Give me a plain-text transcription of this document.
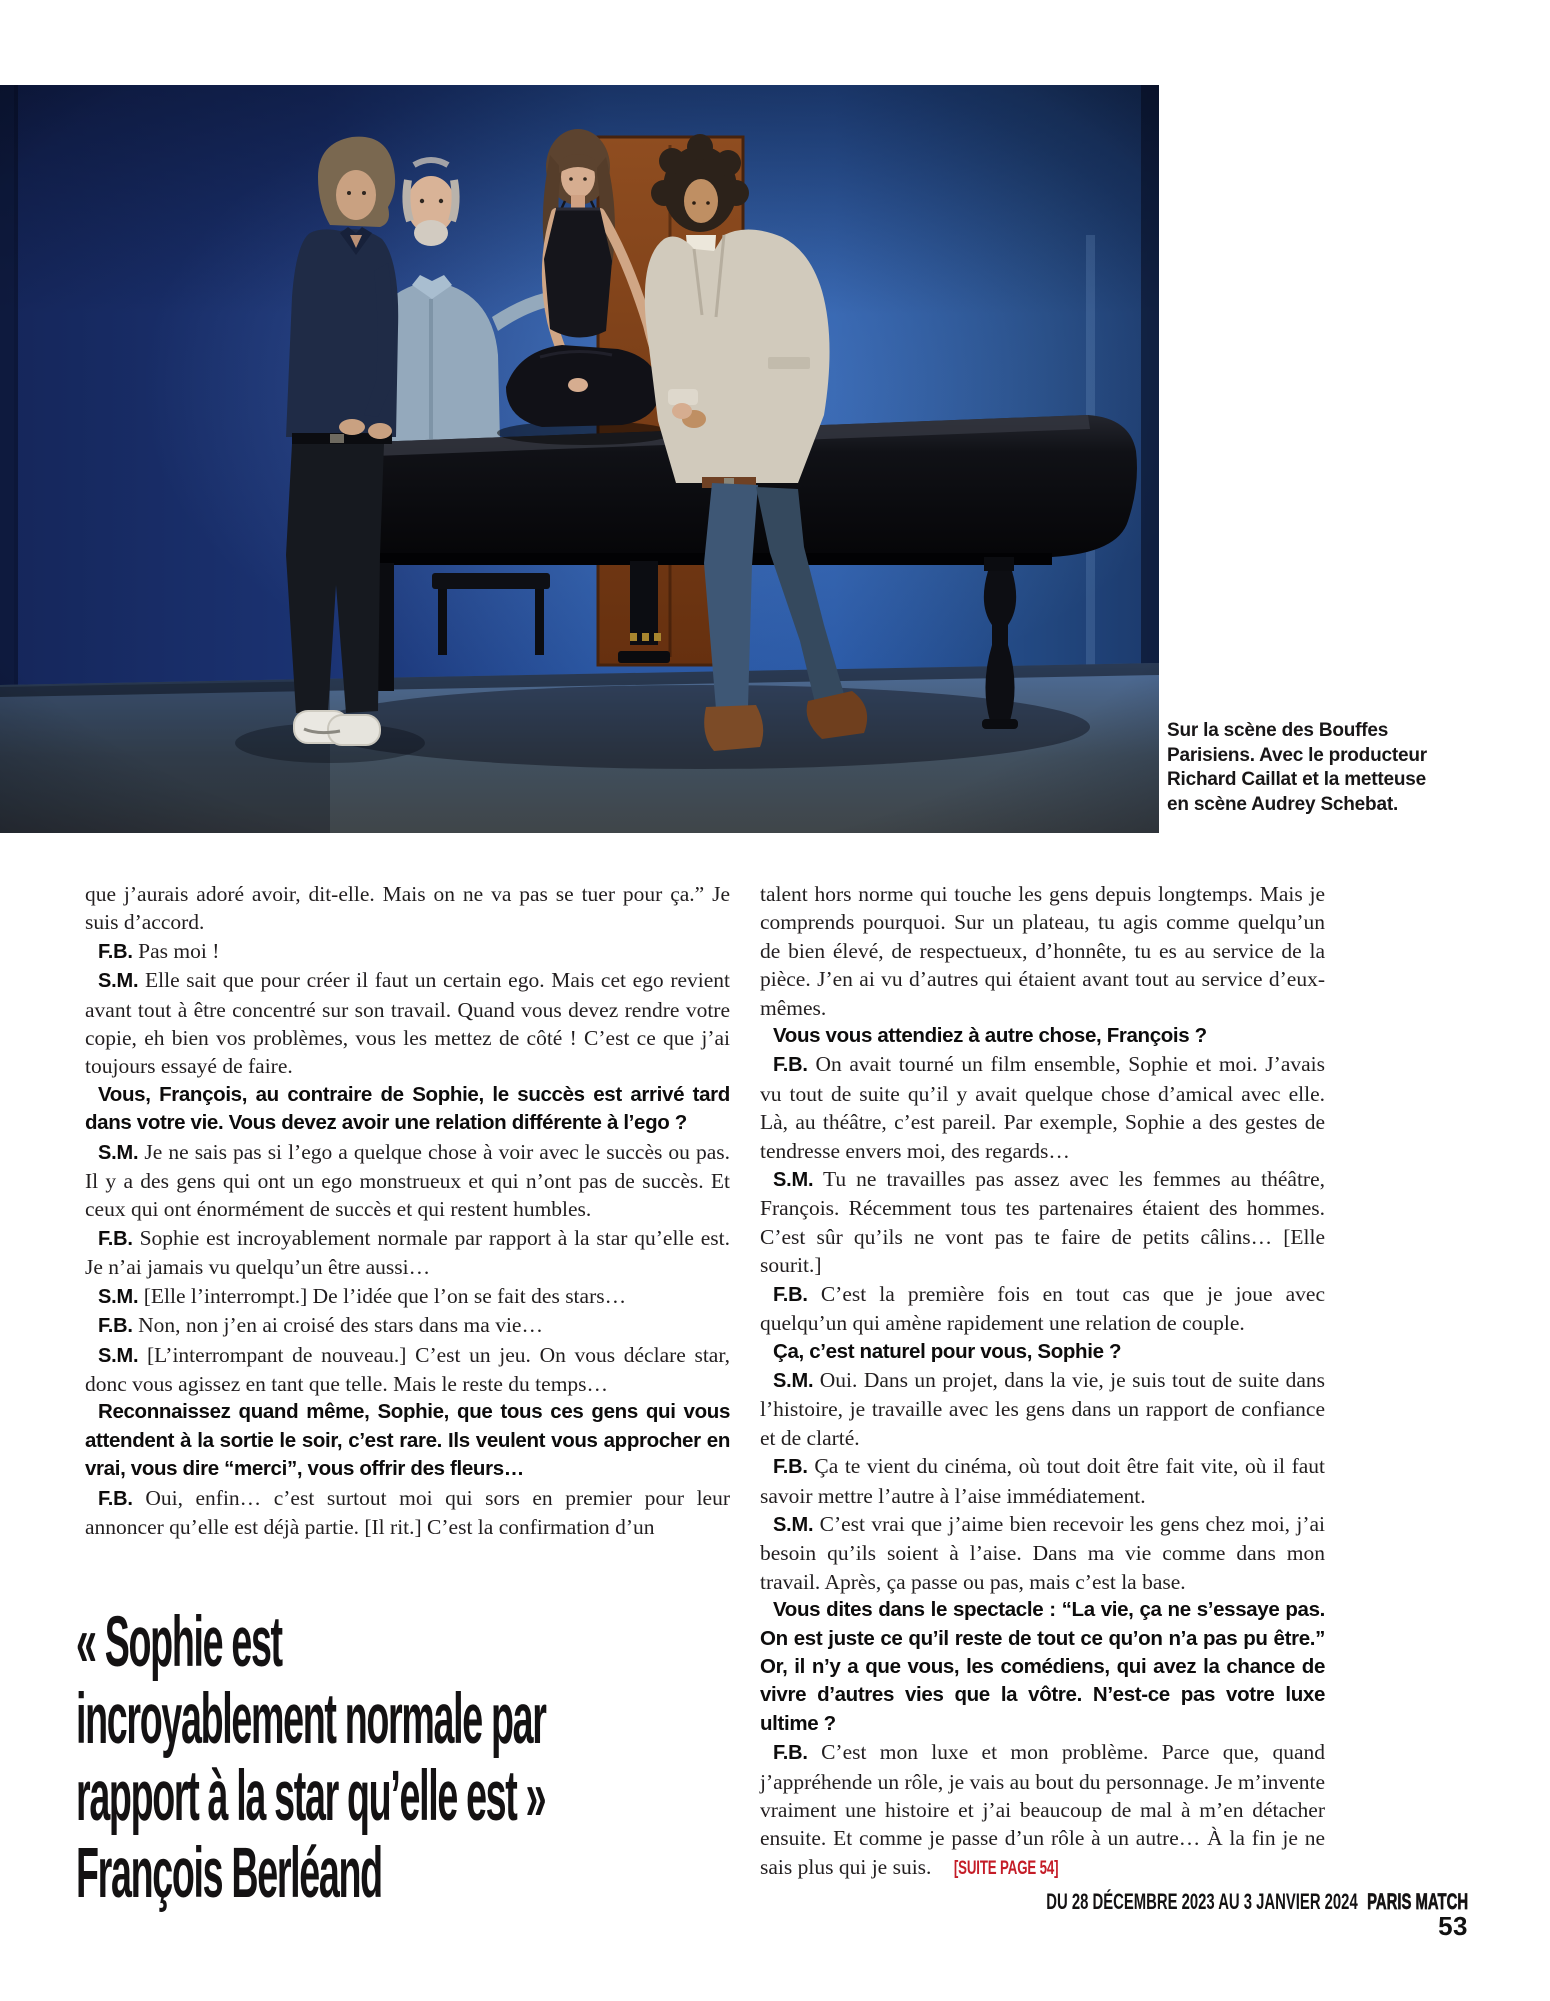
Sur la scène des Bouffes Parisiens. Avec le producteur Richard Caillat et la metteuse en scène Audrey Schebat.

que j’aurais adoré avoir, dit-elle. Mais on ne va pas se tuer pour ça.” Je suis d’accord.

F.B. Pas moi !

S.M. Elle sait que pour créer il faut un certain ego. Mais cet ego revient avant tout à être concentré sur son travail. Quand vous devez rendre votre copie, eh bien vos problèmes, vous les mettez de côté ! C’est ce que j’ai toujours essayé de faire.

Vous, François, au contraire de Sophie, le succès est arrivé tard dans votre vie. Vous devez avoir une relation différente à l’ego ?

S.M. Je ne sais pas si l’ego a quelque chose à voir avec le succès ou pas. Il y a des gens qui ont un ego monstrueux et qui n’ont pas de succès. Et ceux qui ont énormément de succès et qui restent humbles.

F.B. Sophie est incroyablement normale par rapport à la star qu’elle est. Je n’ai jamais vu quelqu’un être aussi…

S.M. [Elle l’interrompt.] De l’idée que l’on se fait des stars…

F.B. Non, non j’en ai croisé des stars dans ma vie…

S.M. [L’interrompant de nouveau.] C’est un jeu. On vous déclare star, donc vous agissez en tant que telle. Mais le reste du temps…

Reconnaissez quand même, Sophie, que tous ces gens qui vous attendent à la sortie le soir, c’est rare. Ils veulent vous approcher en vrai, vous dire “merci”, vous offrir des fleurs…

F.B. Oui, enfin… c’est surtout moi qui sors en premier pour leur annoncer qu’elle est déjà partie. [Il rit.] C’est la confirmation d’un

talent hors norme qui touche les gens depuis longtemps. Mais je comprends pourquoi. Sur un plateau, tu agis comme quelqu’un de bien élevé, de respectueux, d’honnête, tu es au service de la pièce. J’en ai vu d’autres qui étaient avant tout au service d’eux-mêmes.

Vous vous attendiez à autre chose, François ?

F.B. On avait tourné un film ensemble, Sophie et moi. J’avais vu tout de suite qu’il y avait quelque chose d’amical avec elle. Là, au théâtre, c’est pareil. Par exemple, Sophie a des gestes de tendresse envers moi, des regards…

S.M. Tu ne travailles pas assez avec les femmes au théâtre, François. Récemment tous tes partenaires étaient des hommes. C’est sûr qu’ils ne vont pas te faire de petits câlins… [Elle sourit.]

F.B. C’est la première fois en tout cas que je joue avec quelqu’un qui amène rapidement une relation de couple.

Ça, c’est naturel pour vous, Sophie ?

S.M. Oui. Dans un projet, dans la vie, je suis tout de suite dans l’histoire, je travaille avec les gens dans un rapport de confiance et de clarté.

F.B. Ça te vient du cinéma, où tout doit être fait vite, où il faut savoir mettre l’autre à l’aise immédiatement.

S.M. C’est vrai que j’aime bien recevoir les gens chez moi, j’ai besoin qu’ils soient à l’aise. Dans ma vie comme dans mon travail. Après, ça passe ou pas, mais c’est la base.

Vous dites dans le spectacle : “La vie, ça ne s’essaye pas. On est juste ce qu’il reste de tout ce qu’on n’a pas pu être.” Or, il n’y a que vous, les comédiens, qui avez la chance de vivre d’autres vies que la vôtre. N’est-ce pas votre luxe ultime ?

F.B. C’est mon luxe et mon problème. Parce que, quand j’appréhende un rôle, je vais au bout du personnage. Je m’invente vraiment une histoire et j’ai beaucoup de mal à m’en détacher ensuite. Et comme je passe d’un rôle à un autre… À la fin je ne sais plus qui je suis. [SUITE PAGE 54]

« Sophie est
incroyablement normale par
rapport à la star qu’elle est »
François Berléand	DU 28 DÉCEMBRE 2023 AU 3 JANVIER 2024 PARIS MATCH
53
